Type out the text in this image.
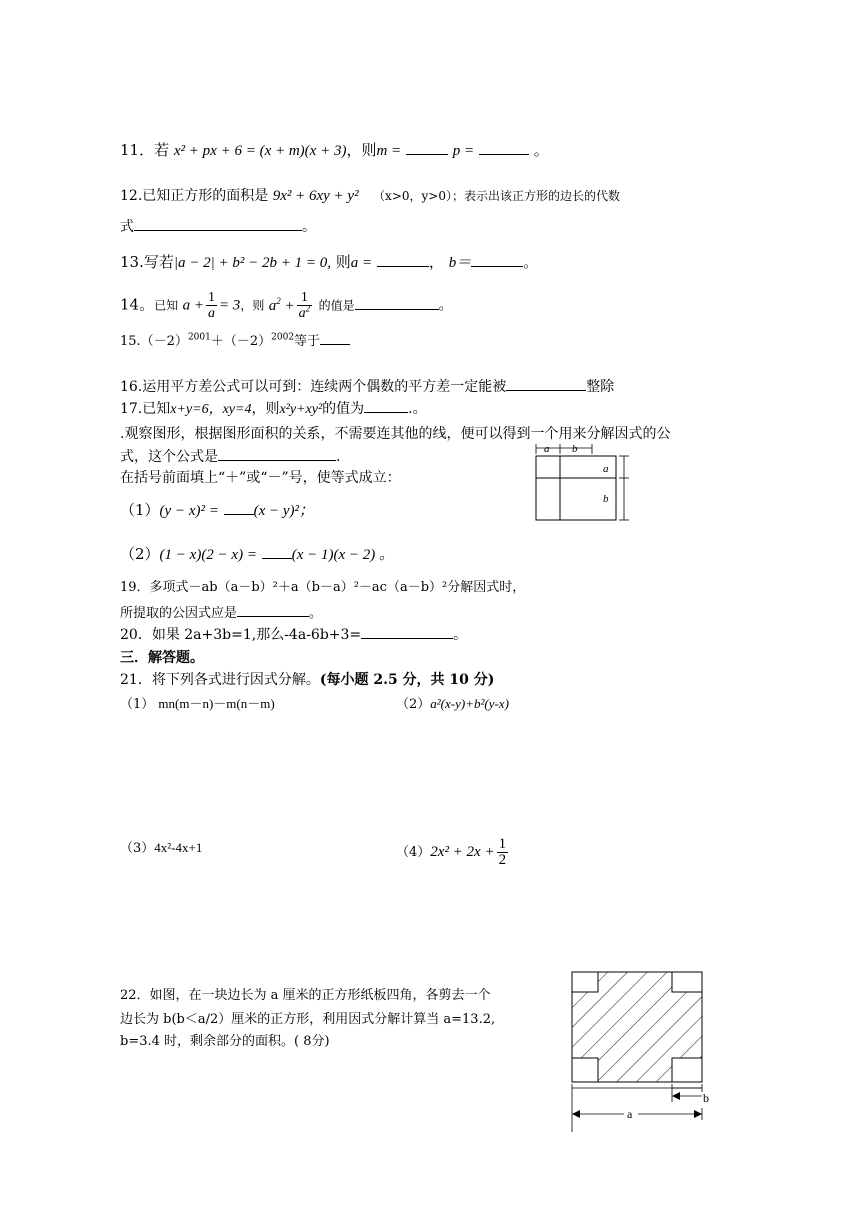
11．若 x² + px + 6 = (x + m)(x + 3)，则m =	p =	。
12.已知正方形的面积是 9x² + 6xy + y² （x>0，y>0）；表示出该正方形的边长的代数
式	。
13.写若|a − 2| + b² − 2b + 1 = 0, 则a =	， b＝	。
14。已知 $a + \frac{1}{a} = 3$，则 $a^2 + \frac{1}{a^2}$ 的值是	。
$15.(-2)^{2001}+(-2)^{2002}$等于
16.运用平方差公式可以可到：连续两个偶数的平方差一定能被	整除
17.已知x+y=6，xy=4，则x²y+xy²的值为	.。
.观察图形，根据图形面积的关系，不需要连其他的线，便可以得到一个用来分解因式的公
式，这个公式是	.
在括号前面填上“＋”或“－”号，使等式成立：
（1）(y − x)² = (x − y)²；
（2）(1 − x)(2 − x) = (x − 1)(x − 2) 。
a b
a
b
19．多项式－ab（a－b）²＋a（b－a）²－ac（a－b）²分解因式时，
所提取的公因式应是	。
20．如果 2a+3b=1,那么-4a-6b+3=	。
三．解答题。
21．将下列各式进行因式分解。(每小题 2.5 分，共 10 分)
（1） mn(m－n)－m(n－m)	（2）a²(x-y)+b²(y-x)
（3）4x²-4x+1	$(4)2x^2 + 2x + \frac{1}{2}$
22．如图，在一块边长为 a 厘米的正方形纸板四角，各剪去一个
边长为 b(b＜a/2）厘米的正方形，利用因式分解计算当 a=13.2,
b=3.4 时，剩余部分的面积。( 8分)
b
a
